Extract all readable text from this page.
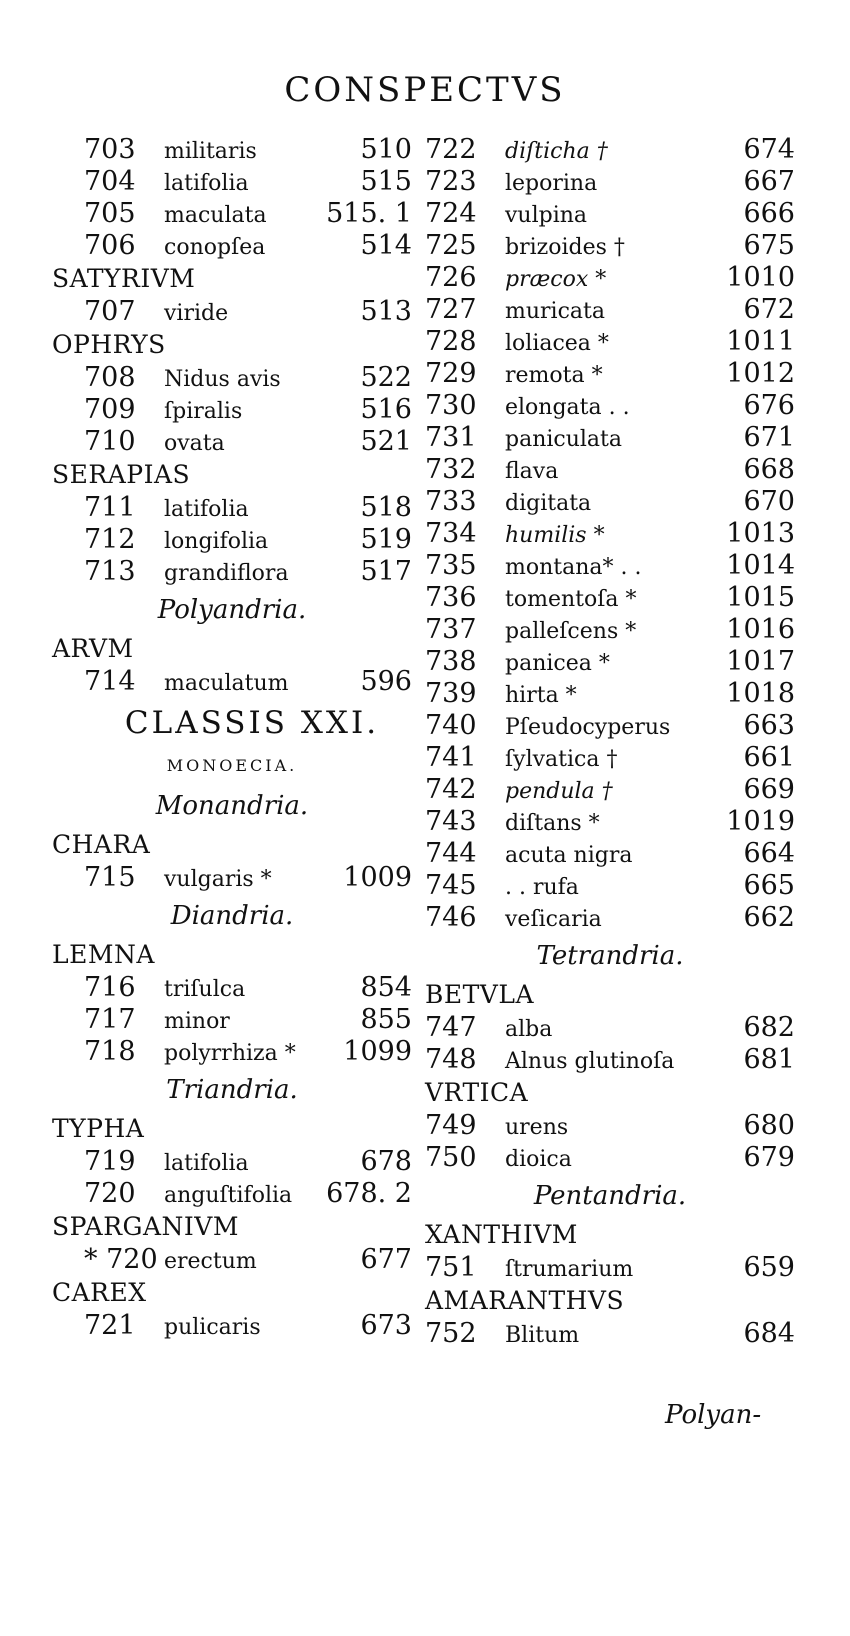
CONSPECTVS
703	militaris	510
704	latifolia	515
705	maculata	515. 1
706	conopſea	514
SATYRIVM
707	viride	513
OPHRYS
708	Nidus avis	522
709	ſpiralis	516
710	ovata	521
SERAPIAS
711	latifolia	518
712	longifolia	519
713	grandiflora	517
Polyandria.
ARVM
714	maculatum	596
CLASSIS XXI.
MONOECIA.
Monandria.
CHARA
715	vulgaris *	1009
Diandria.
LEMNA
716	triſulca	854
717	minor	855
718	polyrrhiza *	1099
Triandria.
TYPHA
719	latifolia	678
720	anguſtifolia	678. 2
SPARGANIVM
* 720 erectum	677
CAREX
721	pulicaris	673
722	diſticha †	674
723	leporina	667
724	vulpina	666
725	brizoides †	675
726	præcox *	1010
727	muricata	672
728	loliacea *	1011
729	remota *	1012
730	elongata . .	676
731	paniculata	671
732	flava	668
733	digitata	670
734	humilis *	1013
735	montana* . .	1014
736	tomentoſa *	1015
737	palleſcens *	1016
738	panicea *	1017
739	hirta *	1018
740	Pſeudocyperus	663
741	ſylvatica †	661
742	pendula †	669
743	diſtans *	1019
744	acuta nigra	664
745	. . rufa	665
746	veſicaria	662
Tetrandria.
BETVLA
747	alba	682
748	Alnus glutinoſa	681
VRTICA
749	urens	680
750	dioica	679
Pentandria.
XANTHIVM
751	ſtrumarium	659
AMARANTHVS
752	Blitum	684
Polyan-
